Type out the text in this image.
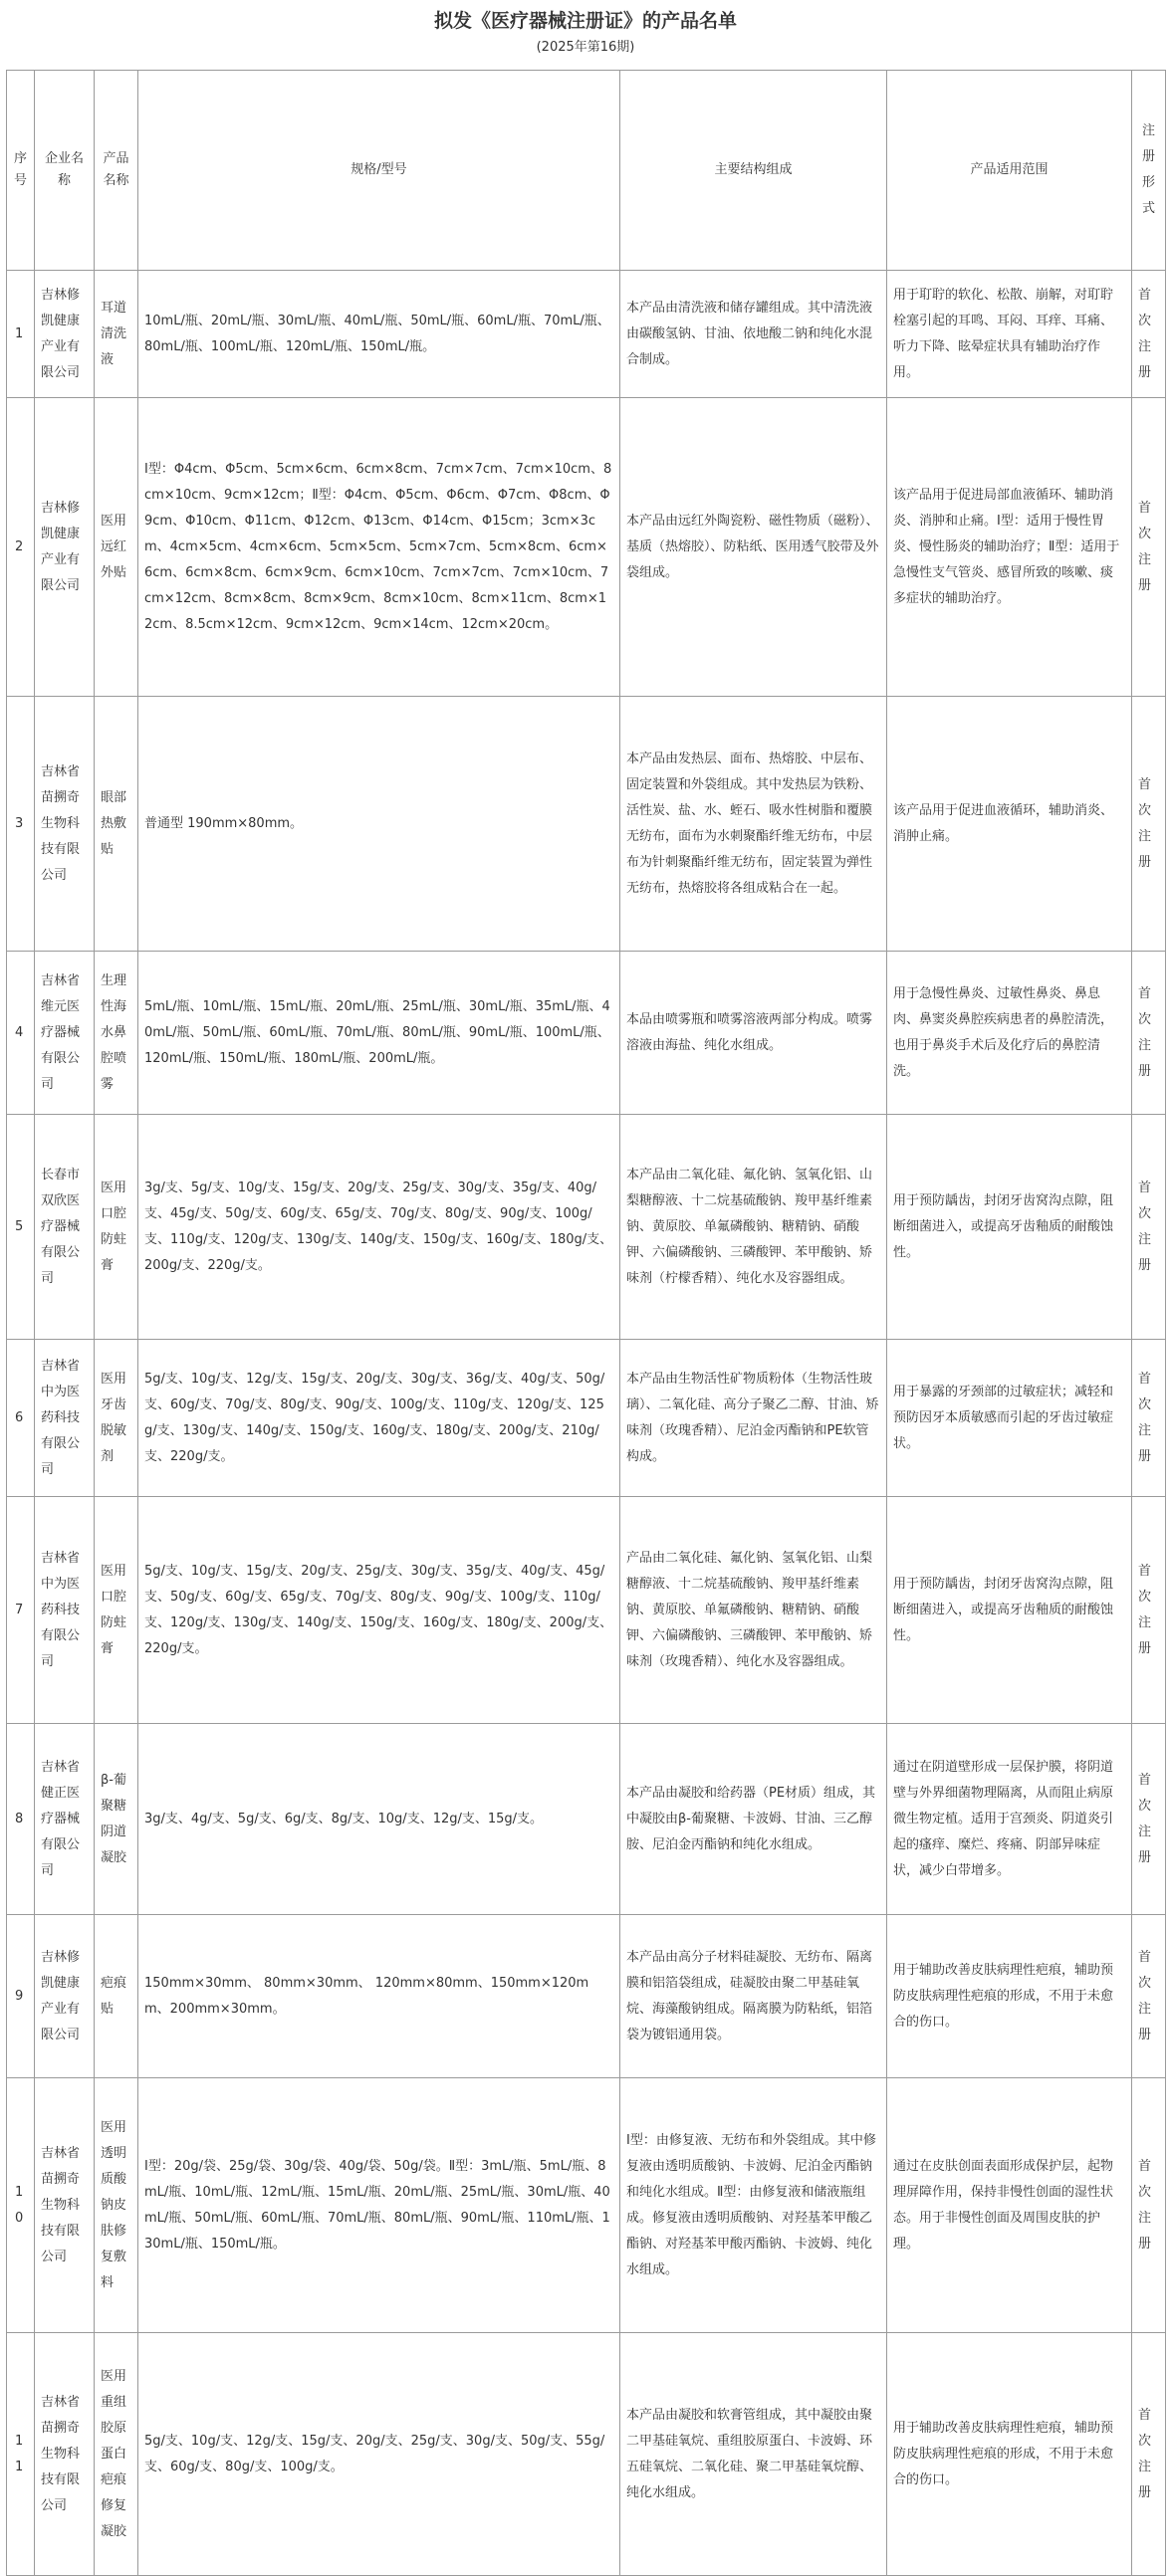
拟发《医疗器械注册证》的产品名单
(2025年第16期)
序号	企业名称	产品名称	规格/型号	主要结构组成	产品适用范围	注册形式
1	吉林修凯健康产业有限公司	耳道清洗液	10mL/瓶、20mL/瓶、30mL/瓶、40mL/瓶、50mL/瓶、60mL/瓶、70mL/瓶、80mL/瓶、100mL/瓶、120mL/瓶、150mL/瓶。	本产品由清洗液和储存罐组成。其中清洗液由碳酸氢钠、甘油、依地酸二钠和纯化水混合制成。	用于耵聍的软化、松散、崩解，对耵聍栓塞引起的耳鸣、耳闷、耳痒、耳痛、听力下降、眩晕症状具有辅助治疗作用。	首次注册
2	吉林修凯健康产业有限公司	医用远红外贴	Ⅰ型：Φ4cm、Φ5cm、5cm×6cm、6cm×8cm、7cm×7cm、7cm×10cm、8cm×10cm、9cm×12cm；Ⅱ型：Φ4cm、Φ5cm、Φ6cm、Φ7cm、Φ8cm、Φ9cm、Φ10cm、Φ11cm、Φ12cm、Φ13cm、Φ14cm、Φ15cm；3cm×3cm、4cm×5cm、4cm×6cm、5cm×5cm、5cm×7cm、5cm×8cm、6cm×6cm、6cm×8cm、6cm×9cm、6cm×10cm、7cm×7cm、7cm×10cm、7cm×12cm、8cm×8cm、8cm×9cm、8cm×10cm、8cm×11cm、8cm×12cm、8.5cm×12cm、9cm×12cm、9cm×14cm、12cm×20cm。	本产品由远红外陶瓷粉、磁性物质（磁粉）、基质（热熔胶）、防粘纸、医用透气胶带及外袋组成。	该产品用于促进局部血液循环、辅助消炎、消肿和止痛。Ⅰ型：适用于慢性胃炎、慢性肠炎的辅助治疗；Ⅱ型：适用于急慢性支气管炎、感冒所致的咳嗽、痰多症状的辅助治疗。	首次注册
3	吉林省苗搠奇生物科技有限公司	眼部热敷贴	普通型 190mm×80mm。	本产品由发热层、面布、热熔胶、中层布、固定装置和外袋组成。其中发热层为铁粉、活性炭、盐、水、蛭石、吸水性树脂和覆膜无纺布，面布为水刺聚酯纤维无纺布，中层布为针刺聚酯纤维无纺布，固定装置为弹性无纺布，热熔胶将各组成粘合在一起。	该产品用于促进血液循环，辅助消炎、消肿止痛。	首次注册
4	吉林省维元医疗器械有限公司	生理性海水鼻腔喷雾	5mL/瓶、10mL/瓶、15mL/瓶、20mL/瓶、25mL/瓶、30mL/瓶、35mL/瓶、40mL/瓶、50mL/瓶、60mL/瓶、70mL/瓶、80mL/瓶、90mL/瓶、100mL/瓶、120mL/瓶、150mL/瓶、180mL/瓶、200mL/瓶。	本品由喷雾瓶和喷雾溶液两部分构成。喷雾溶液由海盐、纯化水组成。	用于急慢性鼻炎、过敏性鼻炎、鼻息肉、鼻窦炎鼻腔疾病患者的鼻腔清洗，也用于鼻炎手术后及化疗后的鼻腔清洗。	首次注册
5	长春市双欣医疗器械有限公司	医用口腔防蛀膏	3g/支、5g/支、10g/支、15g/支、20g/支、25g/支、30g/支、35g/支、40g/支、45g/支、50g/支、60g/支、65g/支、70g/支、80g/支、90g/支、100g/支、110g/支、120g/支、130g/支、140g/支、150g/支、160g/支、180g/支、200g/支、220g/支。	本产品由二氧化硅、氟化钠、氢氧化铝、山梨糖醇液、十二烷基硫酸钠、羧甲基纤维素钠、黄原胶、单氟磷酸钠、糖精钠、硝酸钾、六偏磷酸钠、三磷酸钾、苯甲酸钠、矫味剂（柠檬香精）、纯化水及容器组成。	用于预防龋齿，封闭牙齿窝沟点隙，阻断细菌进入，或提高牙齿釉质的耐酸蚀性。	首次注册
6	吉林省中为医药科技有限公司	医用牙齿脱敏剂	5g/支、10g/支、12g/支、15g/支、20g/支、30g/支、36g/支、40g/支、50g/支、60g/支、70g/支、80g/支、90g/支、100g/支、110g/支、120g/支、125g/支、130g/支、140g/支、150g/支、160g/支、180g/支、200g/支、210g/支、220g/支。	本产品由生物活性矿物质粉体（生物活性玻璃）、二氧化硅、高分子聚乙二醇、甘油、矫味剂（玫瑰香精）、尼泊金丙酯钠和PE软管构成。	用于暴露的牙颈部的过敏症状；减轻和预防因牙本质敏感而引起的牙齿过敏症状。	首次注册
7	吉林省中为医药科技有限公司	医用口腔防蛀膏	5g/支、10g/支、15g/支、20g/支、25g/支、30g/支、35g/支、40g/支、45g/支、50g/支、60g/支、65g/支、70g/支、80g/支、90g/支、100g/支、110g/支、120g/支、130g/支、140g/支、150g/支、160g/支、180g/支、200g/支、220g/支。	产品由二氧化硅、氟化钠、氢氧化铝、山梨糖醇液、十二烷基硫酸钠、羧甲基纤维素钠、黄原胶、单氟磷酸钠、糖精钠、硝酸钾、六偏磷酸钠、三磷酸钾、苯甲酸钠、矫味剂（玫瑰香精）、纯化水及容器组成。	用于预防龋齿，封闭牙齿窝沟点隙，阻断细菌进入，或提高牙齿釉质的耐酸蚀性。	首次注册
8	吉林省健正医疗器械有限公司	β-葡聚糖阴道凝胶	3g/支、4g/支、5g/支、6g/支、8g/支、10g/支、12g/支、15g/支。	本产品由凝胶和给药器（PE材质）组成，其中凝胶由β-葡聚糖、卡波姆、甘油、三乙醇胺、尼泊金丙酯钠和纯化水组成。	通过在阴道壁形成一层保护膜，将阴道壁与外界细菌物理隔离，从而阻止病原微生物定植。适用于宫颈炎、阴道炎引起的瘙痒、糜烂、疼痛、阴部异味症状，减少白带增多。	首次注册
9	吉林修凯健康产业有限公司	疤痕贴	150mm×30mm、 80mm×30mm、 120mm×80mm、150mm×120mm、200mm×30mm。	本产品由高分子材料硅凝胶、无纺布、隔离膜和铝箔袋组成，硅凝胶由聚二甲基硅氧烷、海藻酸钠组成。隔离膜为防粘纸，铝箔袋为镀铝通用袋。	用于辅助改善皮肤病理性疤痕，辅助预防皮肤病理性疤痕的形成，不用于未愈合的伤口。	首次注册
10	吉林省苗搠奇生物科技有限公司	医用透明质酸钠皮肤修复敷料	Ⅰ型：20g/袋、25g/袋、30g/袋、40g/袋、50g/袋。Ⅱ型：3mL/瓶、5mL/瓶、8mL/瓶、10mL/瓶、12mL/瓶、15mL/瓶、20mL/瓶、25mL/瓶、30mL/瓶、40mL/瓶、50mL/瓶、60mL/瓶、70mL/瓶、80mL/瓶、90mL/瓶、110mL/瓶、130mL/瓶、150mL/瓶。	Ⅰ型：由修复液、无纺布和外袋组成。其中修复液由透明质酸钠、卡波姆、尼泊金丙酯钠和纯化水组成。Ⅱ型：由修复液和储液瓶组成。修复液由透明质酸钠、对羟基苯甲酸乙酯钠、对羟基苯甲酸丙酯钠、卡波姆、纯化水组成。	通过在皮肤创面表面形成保护层，起物理屏障作用，保持非慢性创面的湿性状态。用于非慢性创面及周围皮肤的护理。	首次注册
11	吉林省苗搠奇生物科技有限公司	医用重组胶原蛋白疤痕修复凝胶	5g/支、10g/支、12g/支、15g/支、20g/支、25g/支、30g/支、50g/支、55g/支、60g/支、80g/支、100g/支。	本产品由凝胶和软膏管组成，其中凝胶由聚二甲基硅氧烷、重组胶原蛋白、卡波姆、环五硅氧烷、二氧化硅、聚二甲基硅氧烷醇、纯化水组成。	用于辅助改善皮肤病理性疤痕，辅助预防皮肤病理性疤痕的形成，不用于未愈合的伤口。	首次注册
